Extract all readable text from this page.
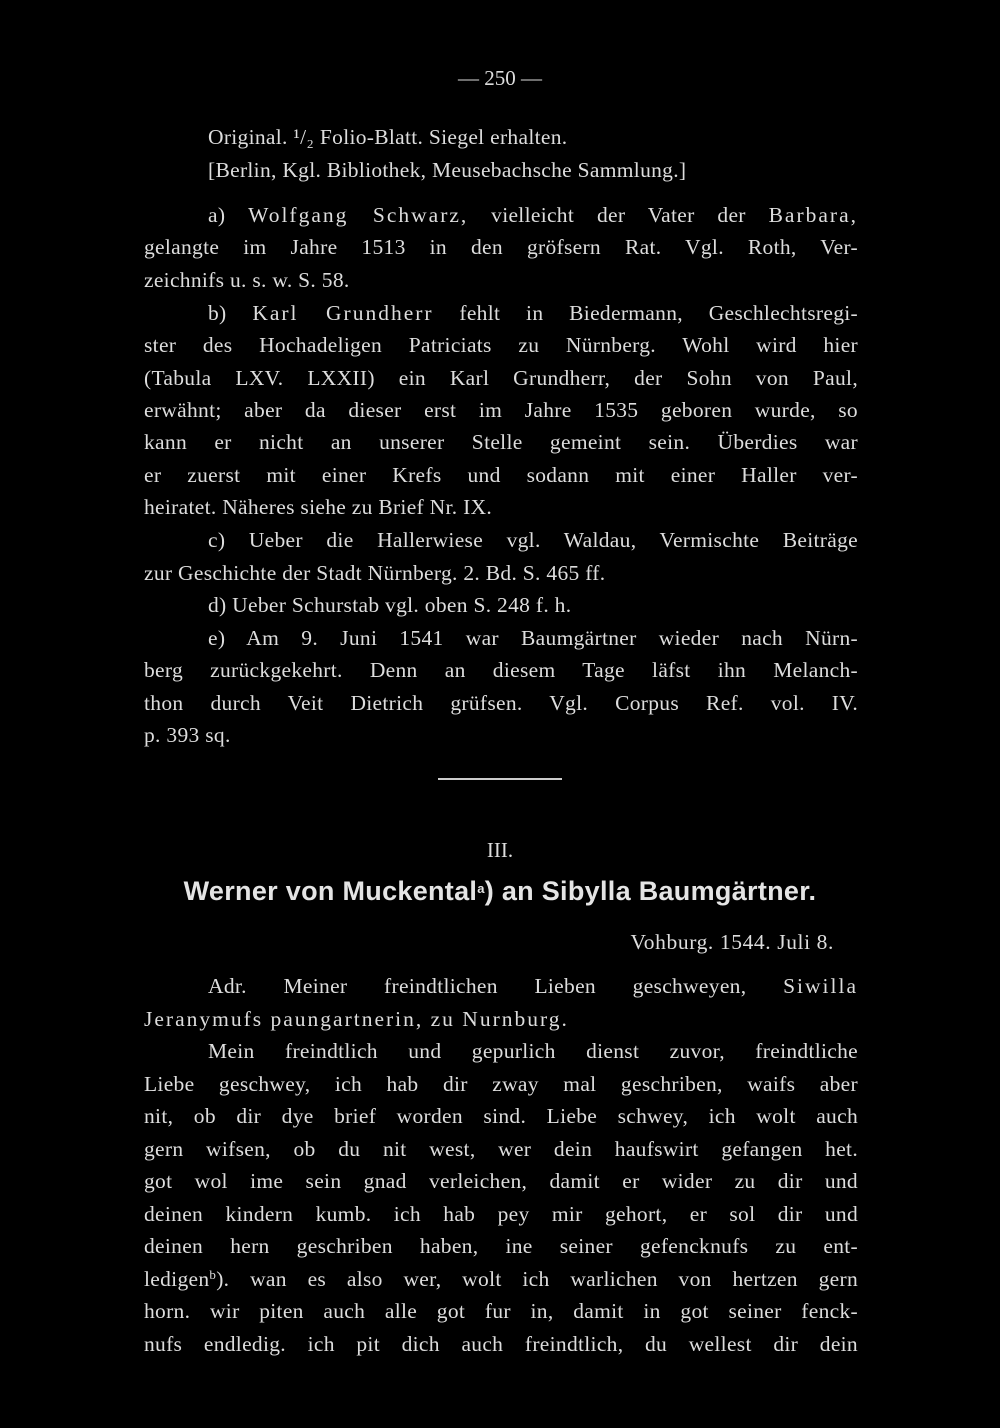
— 250 —

Original. ¹/₂ Folio-Blatt. Siegel erhalten.

[Berlin, Kgl. Bibliothek, Meusebachsche Sammlung.]

a) Wolfgang Schwarz, vielleicht der Vater der Barbara,

gelangte im Jahre 1513 in den gröfsern Rat. Vgl. Roth, Ver-

zeichnifs u. s. w. S. 58.

b) Karl Grundherr fehlt in Biedermann, Geschlechtsregi-

ster des Hochadeligen Patriciats zu Nürnberg. Wohl wird hier

(Tabula LXV. LXXII) ein Karl Grundherr, der Sohn von Paul,

erwähnt; aber da dieser erst im Jahre 1535 geboren wurde, so

kann er nicht an unserer Stelle gemeint sein. Überdies war

er zuerst mit einer Krefs und sodann mit einer Haller ver-

heiratet. Näheres siehe zu Brief Nr. IX.

c) Ueber die Hallerwiese vgl. Waldau, Vermischte Beiträge

zur Geschichte der Stadt Nürnberg. 2. Bd. S. 465 ff.

d) Ueber Schurstab vgl. oben S. 248 f. h.

e) Am 9. Juni 1541 war Baumgärtner wieder nach Nürn-

berg zurückgekehrt. Denn an diesem Tage läfst ihn Melanch-

thon durch Veit Dietrich grüfsen. Vgl. Corpus Ref. vol. IV.

p. 393 sq.

III.
Werner von Muckental$^a$) an Sibylla Baumgärtner.
Vohburg. 1544. Juli 8.

Adr. Meiner freindtlichen Lieben geschweyen, Siwilla

Jeranymufs paungartnerin, zu Nurnburg.

Mein freindtlich und gepurlich dienst zuvor, freindtliche

Liebe geschwey, ich hab dir zway mal geschriben, waifs aber

nit, ob dir dye brief worden sind. Liebe schwey, ich wolt auch

gern wifsen, ob du nit west, wer dein haufswirt gefangen het.

got wol ime sein gnad verleichen, damit er wider zu dir und

deinen kindern kumb. ich hab pey mir gehort, er sol dir und

deinen hern geschriben haben, ine seiner gefencknufs zu ent-

ledigen$^b$). wan es also wer, wolt ich warlichen von hertzen gern

horn. wir piten auch alle got fur in, damit in got seiner fenck-

nufs endledig. ich pit dich auch freindtlich, du wellest dir dein
